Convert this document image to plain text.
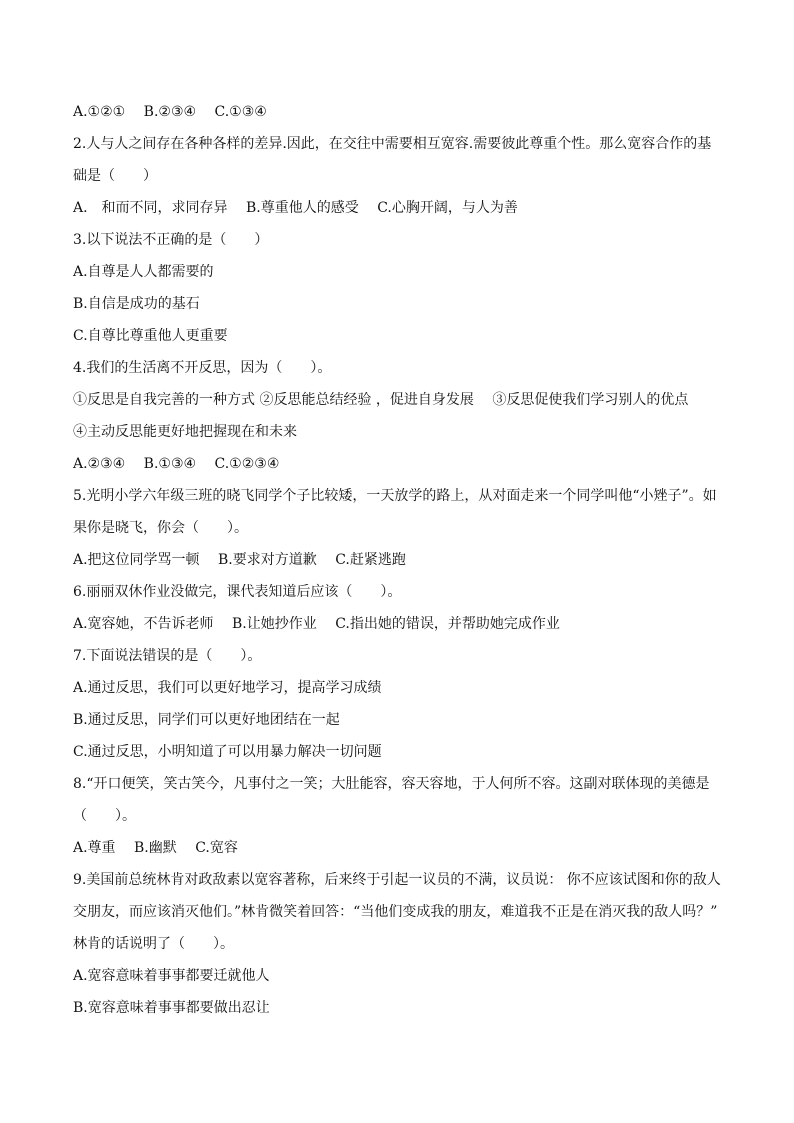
A.①②①　 B.②③④　 C.①③④
2.人与人之间存在各种各样的差异.因此，在交往中需要相互宽容.需要彼此尊重个性。那么宽容合作的基
础是（　　）
A.　和而不同，求同存异　 B.尊重他人的感受　 C.心胸开阔，与人为善
3.以下说法不正确的是（　　）
A.自尊是人人都需要的
B.自信是成功的基石
C.自尊比尊重他人更重要
4.我们的生活离不开反思，因为（　　）。
①反思是自我完善的一种方式 ②反思能总结经验 ，促进自身发展　 ③反思促使我们学习别人的优点
④主动反思能更好地把握现在和未来
A.②③④　 B.①③④　 C.①②③④
5.光明小学六年级三班的晓飞同学个子比较矮，一天放学的路上，从对面走来一个同学叫他“小矬子”。如
果你是晓飞，你会（　　）。
A.把这位同学骂一顿　 B.要求对方道歉　 C.赶紧逃跑
6.丽丽双休作业没做完，课代表知道后应该（　　）。
A.宽容她，不告诉老师　 B.让她抄作业　 C.指出她的错误，并帮助她完成作业
7.下面说法错误的是（　　）。
A.通过反思，我们可以更好地学习，提高学习成绩
B.通过反思，同学们可以更好地团结在一起
C.通过反思，小明知道了可以用暴力解决一切问题
8.“开口便笑，笑古笑今，凡事付之一笑；大肚能容，容天容地，于人何所不容。这副对联体现的美德是
（　　）。
A.尊重　 B.幽默　 C.宽容
9.美国前总统林肯对政敌素以宽容著称，后来终于引起一议员的不满，议员说： 你不应该试图和你的敌人
交朋友，而应该消灭他们。”林肯微笑着回答：“当他们变成我的朋友，难道我不正是在消灭我的敌人吗？”
林肯的话说明了（　　）。
A.宽容意味着事事都要迁就他人
B.宽容意味着事事都要做出忍让
